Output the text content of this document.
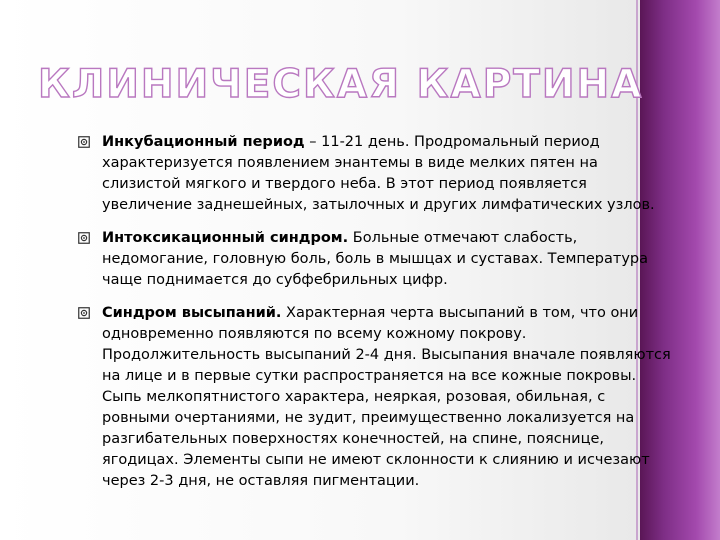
КЛИНИЧЕСКАЯ КАРТИНА
Инкубационный период – 11-21 день. Продромальный период характеризуется появлением энантемы в виде мелких пятен на слизистой мягкого и твердого неба. В этот период появляется увеличение заднешейных, затылочных и других лимфатических узлов.
Интоксикационный синдром. Больные отмечают слабость, недомогание, головную боль, боль в мышцах и суставах. Температура чаще поднимается до субфебрильных цифр.
Синдром высыпаний. Характерная черта высыпаний в том, что они одновременно появляются по всему кожному покрову. Продолжительность высыпаний 2-4 дня. Высыпания вначале появляются на лице и в первые сутки распространяется на все кожные покровы. Сыпь мелкопятнистого характера, неяркая, розовая, обильная, с ровными очертаниями, не зудит, преимущественно локализуется на разгибательных поверхностях конечностей, на спине, пояснице, ягодицах. Элементы сыпи не имеют склонности к слиянию и исчезают через 2-3 дня, не оставляя пигментации.
